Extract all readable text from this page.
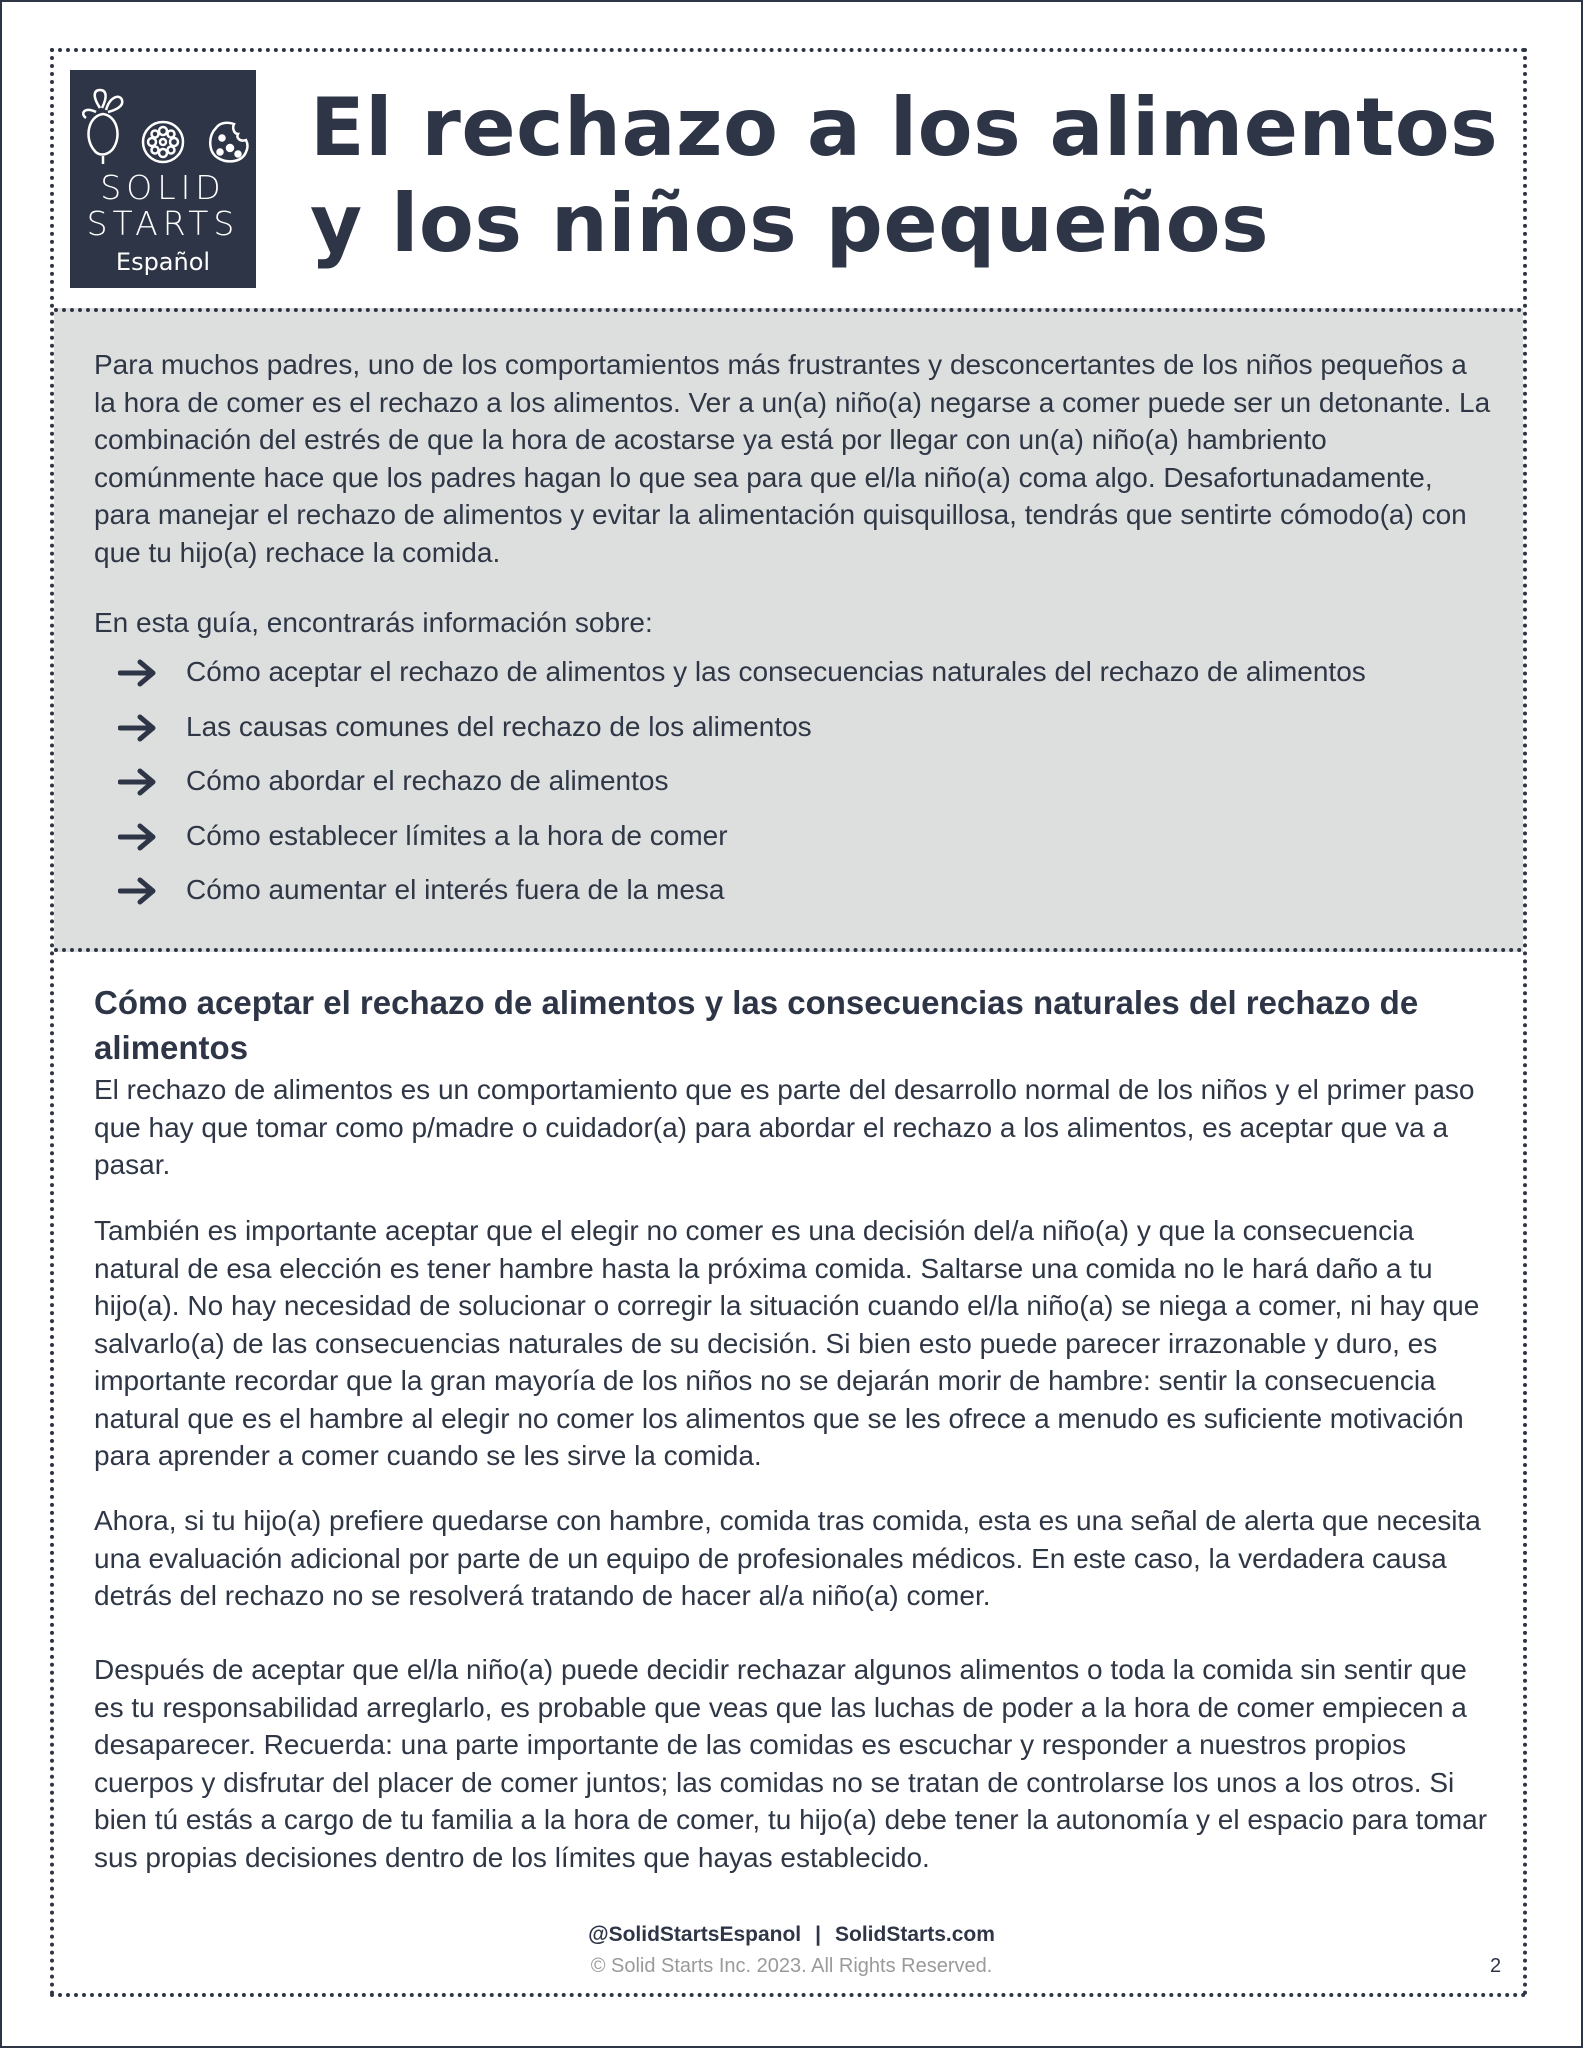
SOLID
STARTS
Español
El rechazo a los alimentos
y los niños pequeños

Para muchos padres, uno de los comportamientos más frustrantes y desconcertantes de los niños pequeños a la hora de comer es el rechazo a los alimentos. Ver a un(a) niño(a) negarse a comer puede ser un detonante. La combinación del estrés de que la hora de acostarse ya está por llegar con un(a) niño(a) hambriento comúnmente hace que los padres hagan lo que sea para que el/la niño(a) coma algo. Desafortunadamente, para manejar el rechazo de alimentos y evitar la alimentación quisquillosa, tendrás que sentirte cómodo(a) con que tu hijo(a) rechace la comida.

En esta guía, encontrarás información sobre:

Cómo aceptar el rechazo de alimentos y las consecuencias naturales del rechazo de alimentos
Las causas comunes del rechazo de los alimentos
Cómo abordar el rechazo de alimentos
Cómo establecer límites a la hora de comer
Cómo aumentar el interés fuera de la mesa
Cómo aceptar el rechazo de alimentos y las consecuencias naturales del rechazo de alimentos

El rechazo de alimentos es un comportamiento que es parte del desarrollo normal de los niños y el primer paso que hay que tomar como p/madre o cuidador(a) para abordar el rechazo a los alimentos, es aceptar que va a pasar.

También es importante aceptar que el elegir no comer es una decisión del/a niño(a) y que la consecuencia natural de esa elección es tener hambre hasta la próxima comida. Saltarse una comida no le hará daño a tu hijo(a). No hay necesidad de solucionar o corregir la situación cuando el/la niño(a) se niega a comer, ni hay que salvarlo(a) de las consecuencias naturales de su decisión. Si bien esto puede parecer irrazonable y duro, es importante recordar que la gran mayoría de los niños no se dejarán morir de hambre: sentir la consecuencia natural que es el hambre al elegir no comer los alimentos que se les ofrece a menudo es suficiente motivación para aprender a comer cuando se les sirve la comida.

Ahora, si tu hijo(a) prefiere quedarse con hambre, comida tras comida, esta es una señal de alerta que necesita una evaluación adicional por parte de un equipo de profesionales médicos. En este caso, la verdadera causa detrás del rechazo no se resolverá tratando de hacer al/a niño(a) comer.

Después de aceptar que el/la niño(a) puede decidir rechazar algunos alimentos o toda la comida sin sentir que es tu responsabilidad arreglarlo, es probable que veas que las luchas de poder a la hora de comer empiecen a desaparecer. Recuerda: una parte importante de las comidas es escuchar y responder a nuestros propios cuerpos y disfrutar del placer de comer juntos; las comidas no se tratan de controlarse los unos a los otros. Si bien tú estás a cargo de tu familia a la hora de comer, tu hijo(a) debe tener la autonomía y el espacio para tomar sus propias decisiones dentro de los límites que hayas establecido.

@SolidStartsEspanol | SolidStarts.com
© Solid Starts Inc. 2023. All Rights Reserved.	2
